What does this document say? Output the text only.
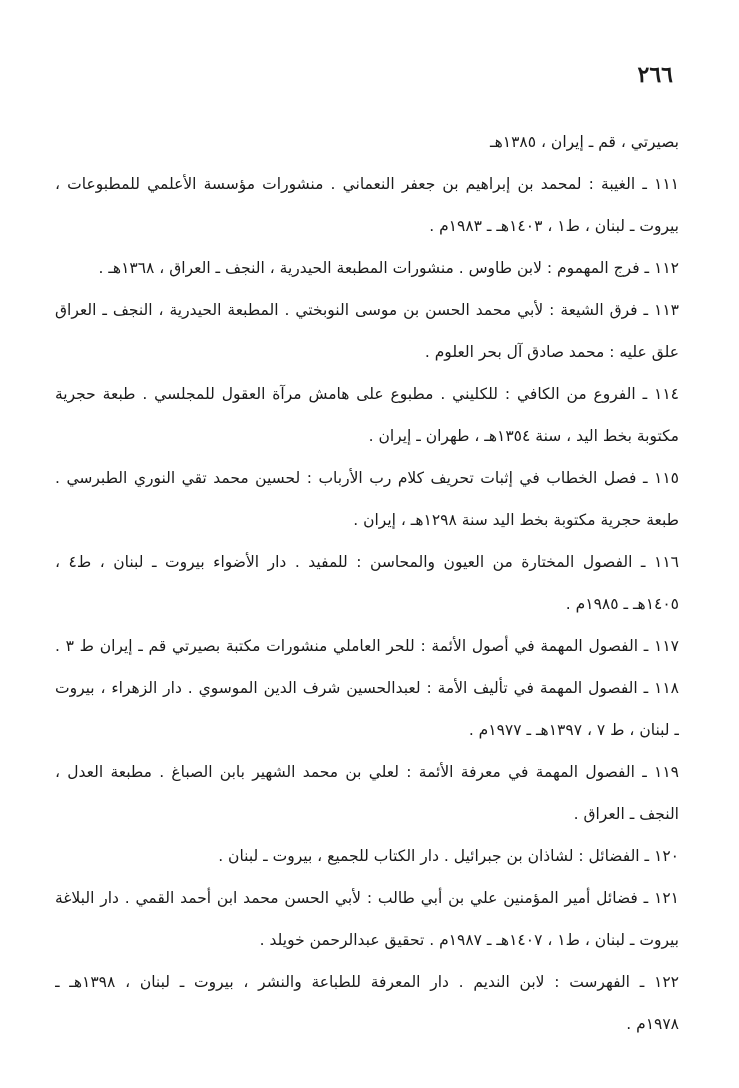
٢٦٦
بصيرتي ، قم ـ إيران ، ١٣٨٥هـ
١١١ ـ الغيبة : لمحمد بن إبراهيم بن جعفر النعماني . منشورات مؤسسة الأعلمي للمطبوعات ،
بيروت ـ لبنان ، ط١ ، ١٤٠٣هـ ـ ١٩٨٣م .
١١٢ ـ فرج المهموم : لابن طاوس . منشورات المطبعة الحيدرية ، النجف ـ العراق ، ١٣٦٨هـ .
١١٣ ـ فرق الشيعة : لأبي محمد الحسن بن موسى النوبختي . المطبعة الحيدرية ، النجف ـ العراق
علق عليه : محمد صادق آل بحر العلوم .
١١٤ ـ الفروع من الكافي : للكليني . مطبوع على هامش مرآة العقول للمجلسي . طبعة حجرية
مكتوبة بخط اليد ، سنة ١٣٥٤هـ ، طهران ـ إيران .
١١٥ ـ فصل الخطاب في إثبات تحريف كلام رب الأرباب : لحسين محمد تقي النوري الطبرسي .
طبعة حجرية مكتوبة بخط اليد سنة ١٢٩٨هـ ، إيران .
١١٦ ـ الفصول المختارة من العيون والمحاسن : للمفيد . دار الأضواء بيروت ـ لبنان ، ط٤ ،
١٤٠٥هـ ـ ١٩٨٥م .
١١٧ ـ الفصول المهمة في أصول الأئمة : للحر العاملي منشورات مكتبة بصيرتي قم ـ إيران ط ٣ .
١١٨ ـ الفصول المهمة في تأليف الأمة : لعبدالحسين شرف الدين الموسوي . دار الزهراء ، بيروت
ـ لبنان ، ط ٧ ، ١٣٩٧هـ ـ ١٩٧٧م .
١١٩ ـ الفصول المهمة في معرفة الأئمة : لعلي بن محمد الشهير بابن الصباغ . مطبعة العدل ،
النجف ـ العراق .
١٢٠ ـ الفضائل : لشاذان بن جبرائيل . دار الكتاب للجميع ، بيروت ـ لبنان .
١٢١ ـ فضائل أمير المؤمنين علي بن أبي طالب : لأبي الحسن محمد ابن أحمد القمي . دار البلاغة
بيروت ـ لبنان ، ط١ ، ١٤٠٧هـ ـ ١٩٨٧م . تحقيق عبدالرحمن خويلد .
١٢٢ ـ الفهرست : لابن النديم . دار المعرفة للطباعة والنشر ، بيروت ـ لبنان ، ١٣٩٨هـ ـ
١٩٧٨م .
